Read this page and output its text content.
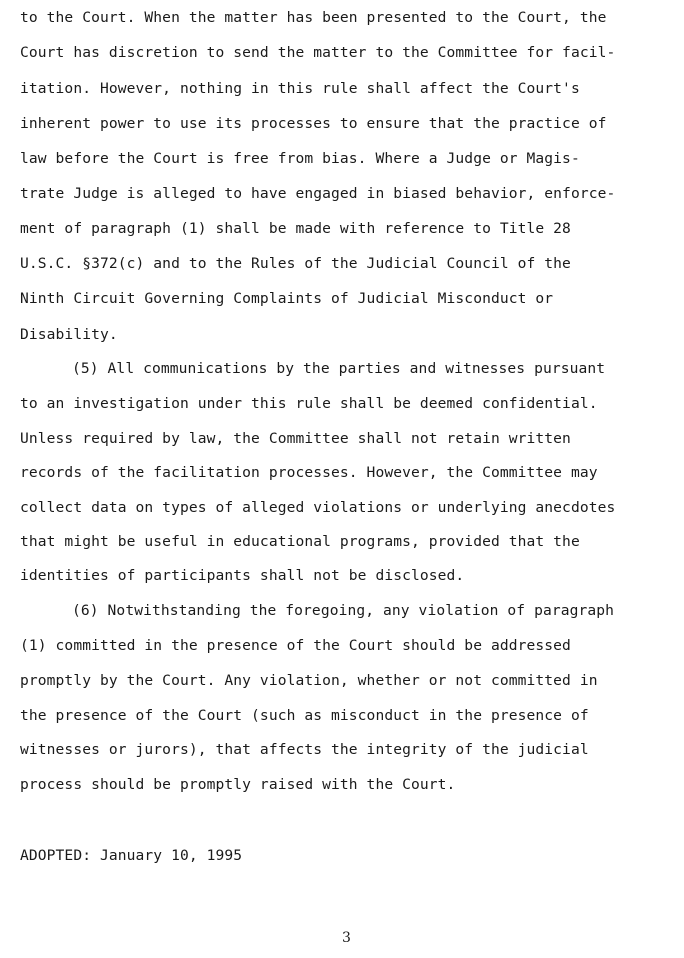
to the Court. When the matter has been presented to the Court, the
Court has discretion to send the matter to the Committee for facil-
itation. However, nothing in this rule shall affect the Court's
inherent power to use its processes to ensure that the practice of
law before the Court is free from bias. Where a Judge or Magis-
trate Judge is alleged to have engaged in biased behavior, enforce-
ment of paragraph (1) shall be made with reference to Title 28
U.S.C. §372(c) and to the Rules of the Judicial Council of the
Ninth Circuit Governing Complaints of Judicial Misconduct or
Disability.
(5) All communications by the parties and witnesses pursuant
to an investigation under this rule shall be deemed confidential.
Unless required by law, the Committee shall not retain written
records of the facilitation processes. However, the Committee may
collect data on types of alleged violations or underlying anecdotes
that might be useful in educational programs, provided that the
identities of participants shall not be disclosed.
(6) Notwithstanding the foregoing, any violation of paragraph
(1) committed in the presence of the Court should be addressed
promptly by the Court. Any violation, whether or not committed in
the presence of the Court (such as misconduct in the presence of
witnesses or jurors), that affects the integrity of the judicial
process should be promptly raised with the Court.
ADOPTED: January 10, 1995
3
